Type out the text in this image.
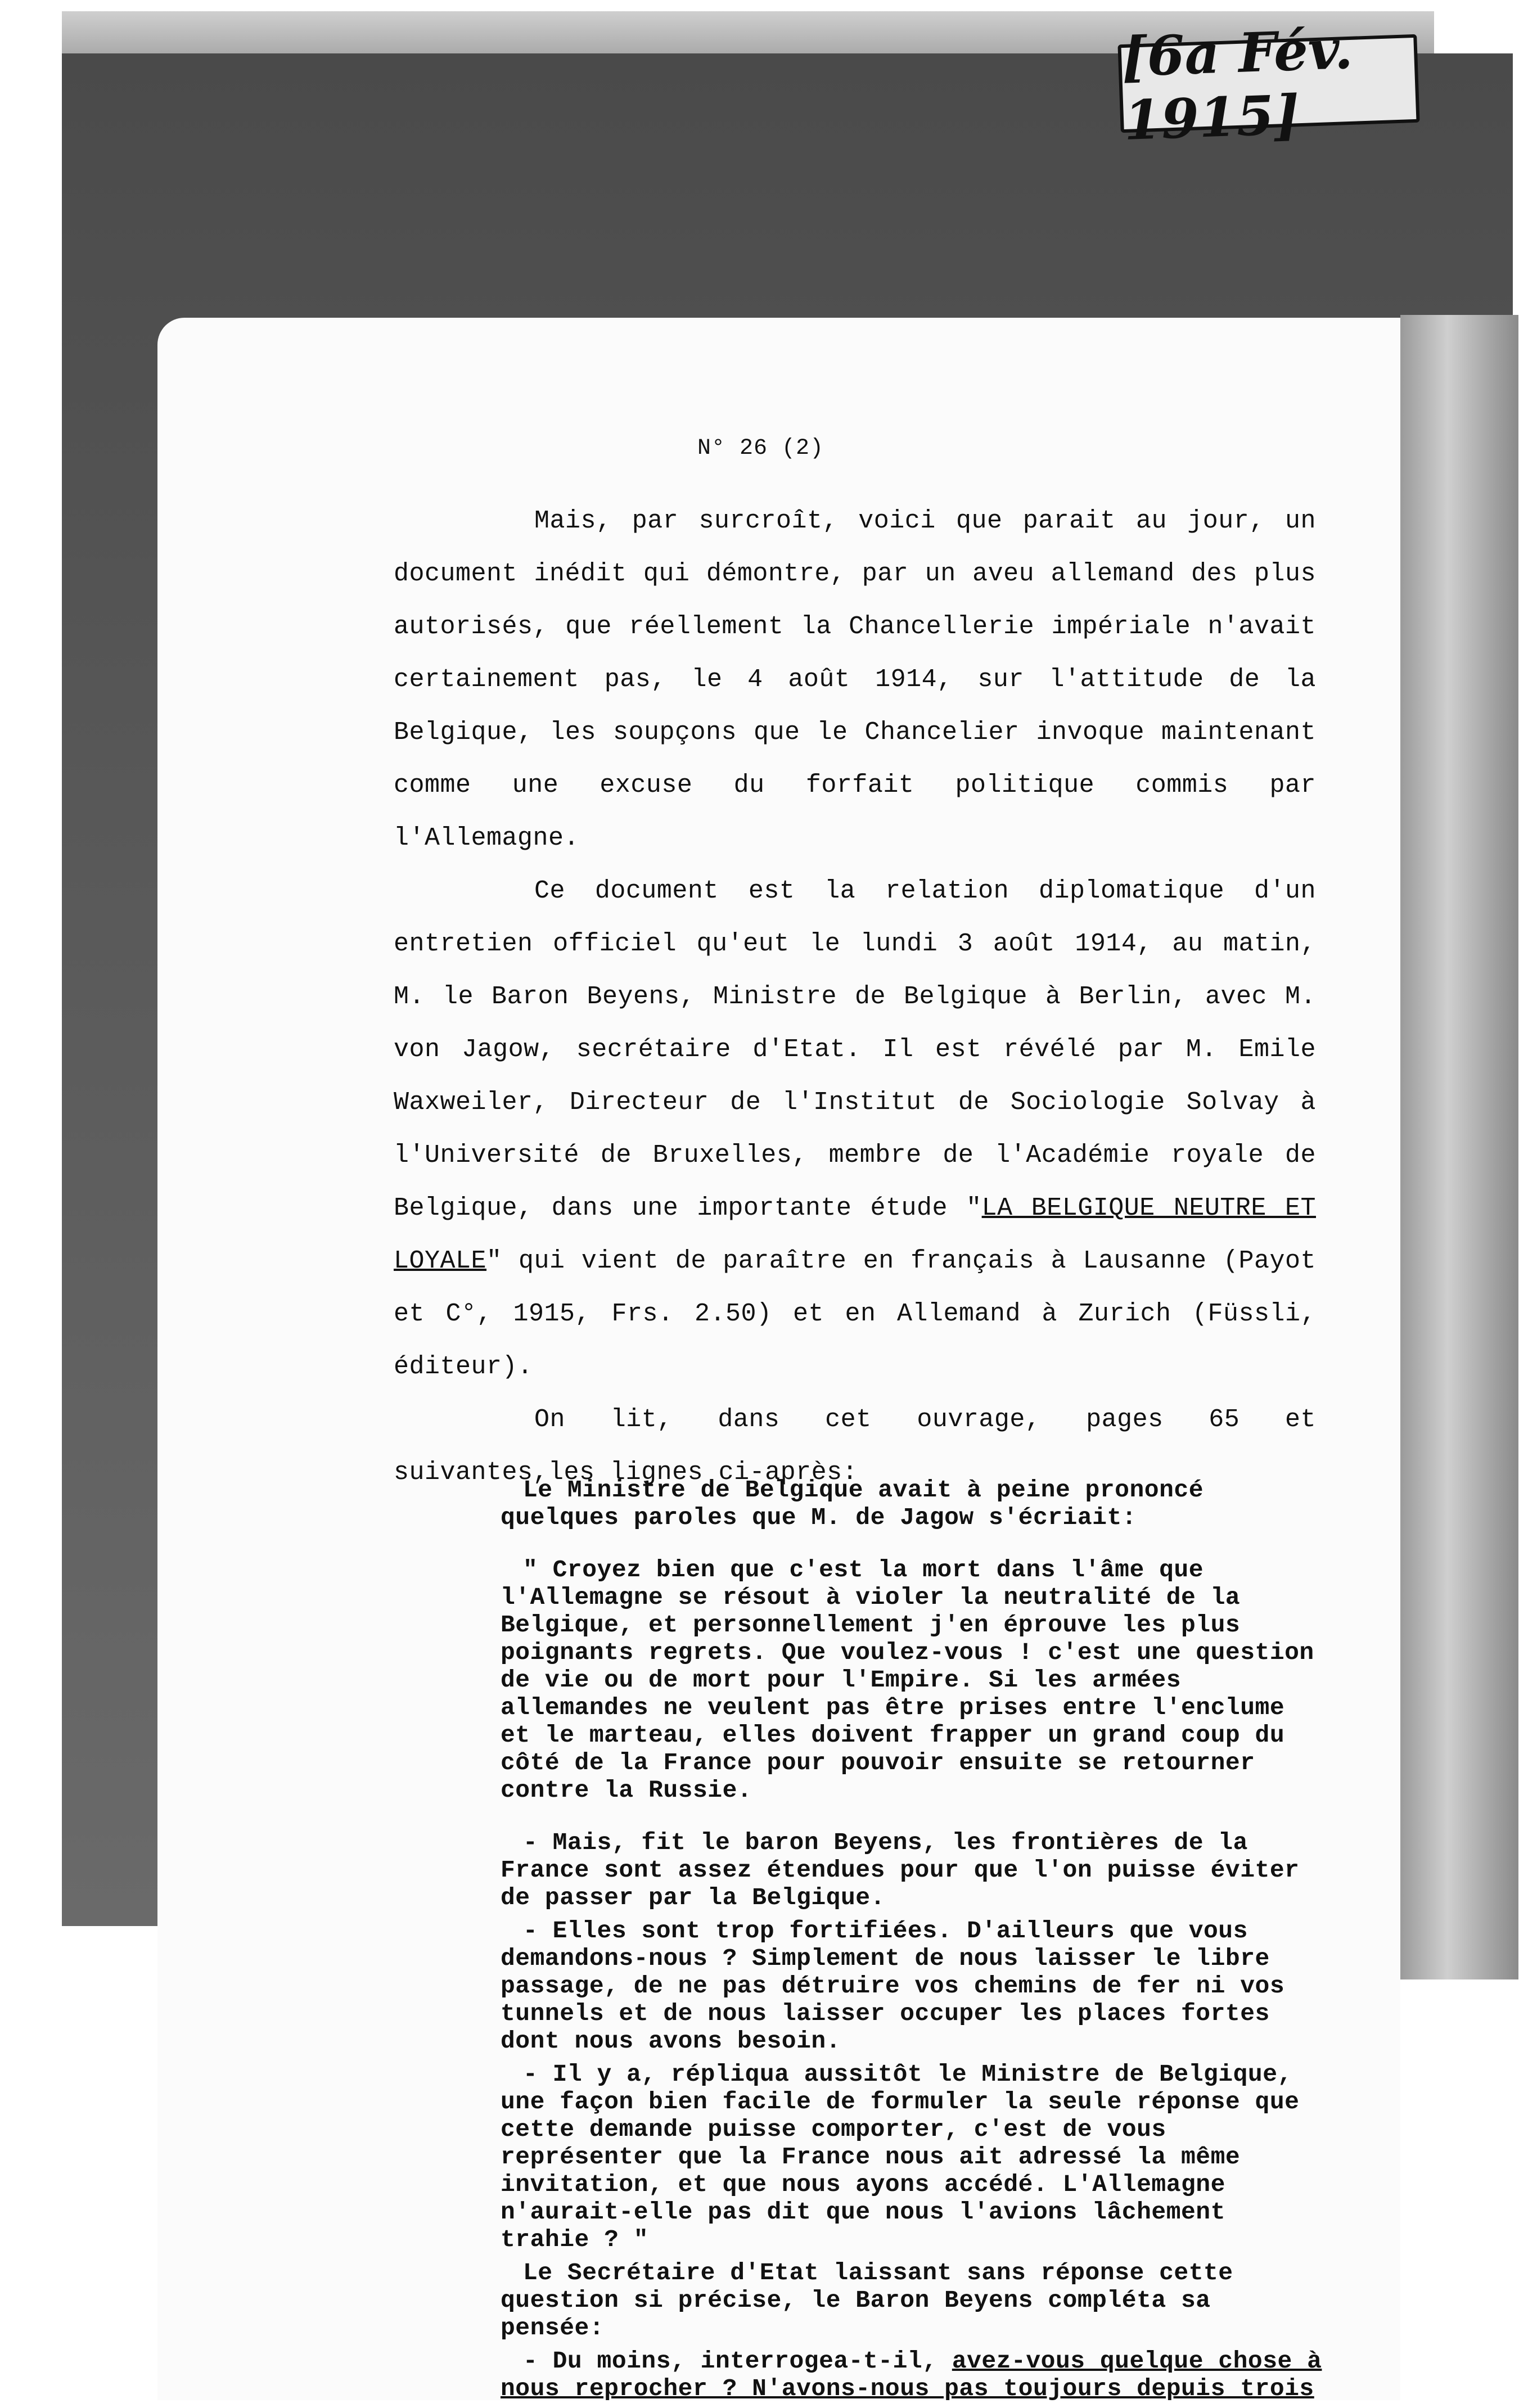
[6a Fév. 1915]
N° 26 (2)

Mais, par surcroît, voici que parait au jour, un document inédit qui démontre, par un aveu allemand des plus autorisés, que réellement la Chancellerie impériale n'avait certainement pas, le 4 août 1914, sur l'attitude de la Belgique, les soupçons que le Chancelier invoque maintenant comme une excuse du forfait politique commis par l'Allemagne.

Ce document est la relation diplomatique d'un entretien officiel qu'eut le lundi 3 août 1914, au matin, M. le Baron Beyens, Ministre de Belgique à Berlin, avec M. von Jagow, secrétaire d'Etat. Il est révélé par M. Emile Waxweiler, Directeur de l'Institut de Sociologie Solvay à l'Université de Bruxelles, membre de l'Académie royale de Belgique, dans une importante étude "LA BELGIQUE NEUTRE ET LOYALE" qui vient de paraître en français à Lausanne (Payot et C°, 1915, Frs. 2.50) et en Allemand à Zurich (Füssli, éditeur).

On lit, dans cet ouvrage, pages 65 et suivantes,les lignes ci-après:

Le Ministre de Belgique avait à peine prononcé quelques paroles que M. de Jagow s'écriait:

" Croyez bien que c'est la mort dans l'âme que l'Allemagne se résout à violer la neutralité de la Belgique, et personnellement j'en éprouve les plus poignants regrets. Que voulez-vous ! c'est une question de vie ou de mort pour l'Empire. Si les armées allemandes ne veulent pas être prises entre l'enclume et le marteau, elles doivent frapper un grand coup du côté de la France pour pouvoir ensuite se retourner contre la Russie.

- Mais, fit le baron Beyens, les frontières de la France sont assez étendues pour que l'on puisse éviter de passer par la Belgique.

- Elles sont trop fortifiées. D'ailleurs que vous demandons-nous ? Simplement de nous laisser le libre passage, de ne pas détruire vos chemins de fer ni vos tunnels et de nous laisser occuper les places fortes dont nous avons besoin.

- Il y a, répliqua aussitôt le Ministre de Belgique, une façon bien facile de formuler la seule réponse que cette demande puisse comporter, c'est de vous représenter que la France nous ait adressé la même invitation, et que nous ayons accédé. L'Allemagne n'aurait-elle pas dit que nous l'avions lâchement trahie ? "

Le Secrétaire d'Etat laissant sans réponse cette question si précise, le Baron Beyens compléta sa pensée:

- Du moins, interrogea-t-il, avez-vous quelque chose à nous reprocher ? N'avons-nous pas toujours depuis trois
